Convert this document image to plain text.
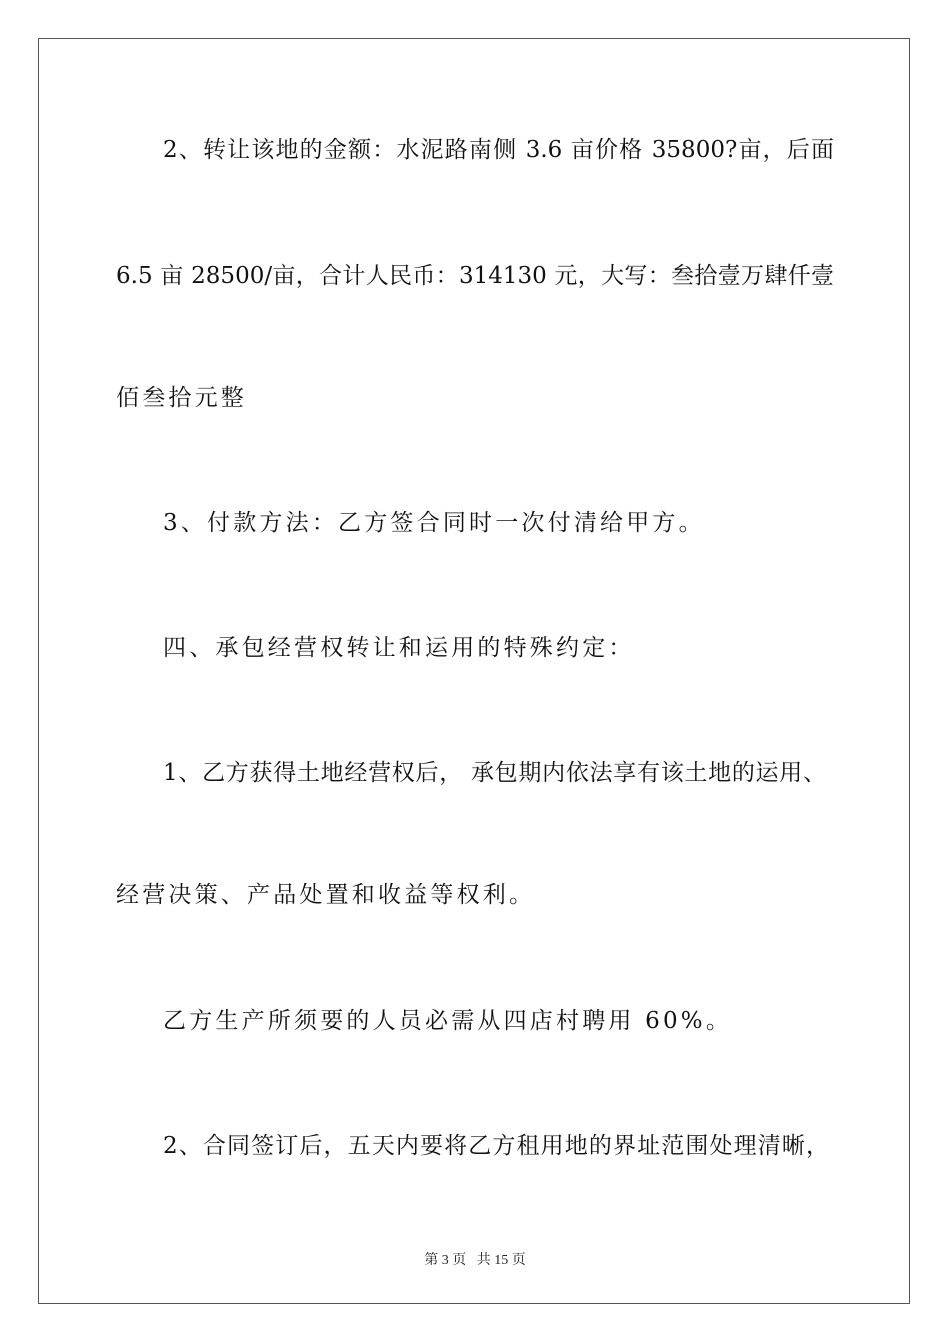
2、转让该地的金额：水泥路南侧 3.6 亩价格 35800?亩，后面
6.5 亩 28500/亩，合计人民币：314130 元，大写：叁拾壹万肆仟壹
佰叁拾元整
3、付款方法：乙方签合同时一次付清给甲方。
四、承包经营权转让和运用的特殊约定：
1、乙方获得土地经营权后， 承包期内依法享有该土地的运用、
经营决策、产品处置和收益等权利。
乙方生产所须要的人员必需从四店村聘用 60%。
2、合同签订后，五天内要将乙方租用地的界址范围处理清晰，
第 3 页 共 15 页
